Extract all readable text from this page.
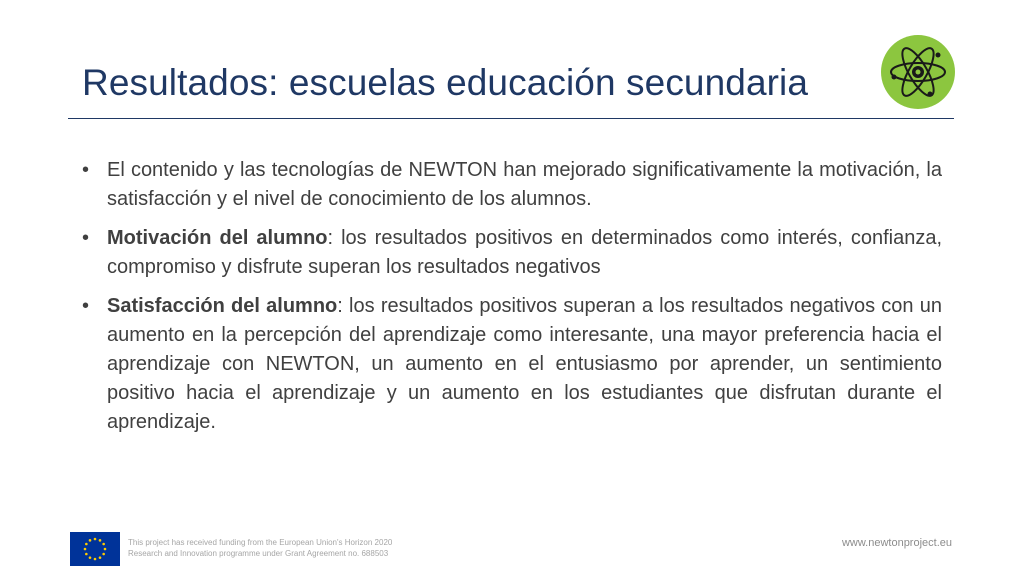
Resultados: escuelas educación secundaria
• El contenido y las tecnologías de NEWTON han mejorado significativamente la motivación, la satisfacción y el nivel de conocimiento de los alumnos.
• Motivación del alumno: los resultados positivos en determinados como interés, confianza, compromiso y disfrute superan los resultados negativos
• Satisfacción del alumno: los resultados positivos superan a los resultados negativos con un aumento en la percepción del aprendizaje como interesante, una mayor preferencia hacia el aprendizaje con NEWTON, un aumento en el entusiasmo por aprender, un sentimiento positivo hacia el aprendizaje y un aumento en los estudiantes que disfrutan durante el aprendizaje.
This project has received funding from the European Union's Horizon 2020
Research and Innovation programme under Grant Agreement no. 688503
www.newtonproject.eu
